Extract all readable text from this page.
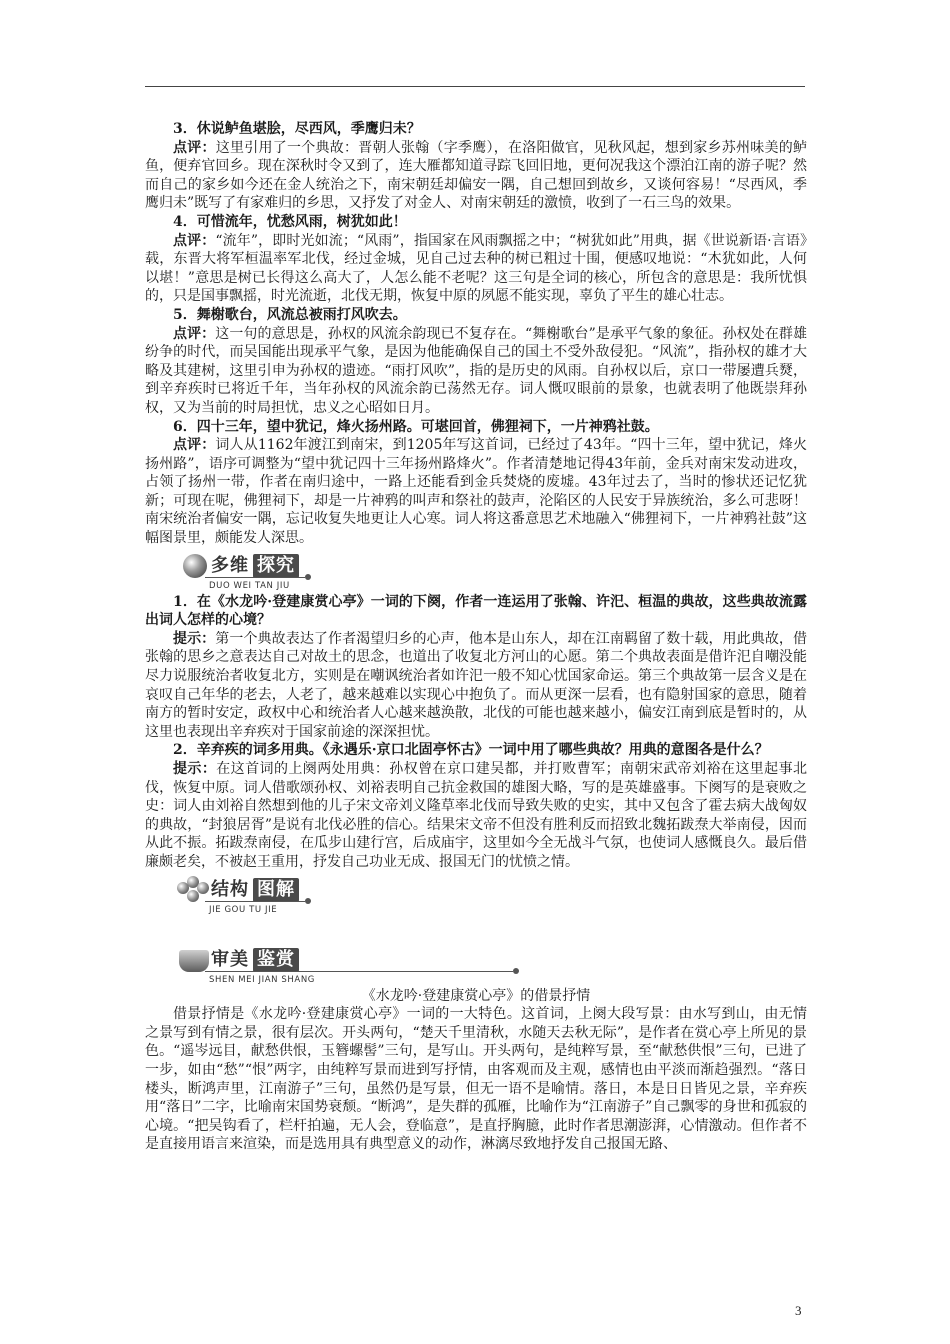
3．休说鲈鱼堪脍，尽西风，季鹰归未？

点评：这里引用了一个典故：晋朝人张翰（字季鹰），在洛阳做官，见秋风起，想到家乡苏州味美的鲈鱼，便弃官回乡。现在深秋时令又到了，连大雁都知道寻踪飞回旧地，更何况我这个漂泊江南的游子呢？然而自己的家乡如今还在金人统治之下，南宋朝廷却偏安一隅，自己想回到故乡，又谈何容易！“尽西风，季鹰归未”既写了有家难归的乡思，又抒发了对金人、对南宋朝廷的激愤，收到了一石三鸟的效果。

4．可惜流年，忧愁风雨，树犹如此！

点评：“流年”，即时光如流；“风雨”，指国家在风雨飘摇之中；“树犹如此”用典，据《世说新语·言语》载，东晋大将军桓温率军北伐，经过金城，见自己过去种的树已粗过十围，便感叹地说：“木犹如此，人何以堪！”意思是树已长得这么高大了，人怎么能不老呢？这三句是全词的核心，所包含的意思是：我所忧惧的，只是国事飘摇，时光流逝，北伐无期，恢复中原的夙愿不能实现，辜负了平生的雄心壮志。

5．舞榭歌台，风流总被雨打风吹去。

点评：这一句的意思是，孙权的风流余韵现已不复存在。“舞榭歌台”是承平气象的象征。孙权处在群雄纷争的时代，而吴国能出现承平气象，是因为他能确保自己的国土不受外敌侵犯。“风流”，指孙权的雄才大略及其建树，这里引申为孙权的遗迹。“雨打风吹”，指的是历史的风雨。自孙权以后，京口一带屡遭兵燹，到辛弃疾时已将近千年，当年孙权的风流余韵已荡然无存。词人慨叹眼前的景象，也就表明了他既崇拜孙权，又为当前的时局担忧，忠义之心昭如日月。

6．四十三年，望中犹记，烽火扬州路。可堪回首，佛狸祠下，一片神鸦社鼓。

点评：词人从1162年渡江到南宋，到1205年写这首词，已经过了43年。“四十三年，望中犹记，烽火扬州路”，语序可调整为“望中犹记四十三年扬州路烽火”。作者清楚地记得43年前，金兵对南宋发动进攻，占领了扬州一带，作者在南归途中，一路上还能看到金兵焚烧的废墟。43年过去了，当时的惨状还记忆犹新；可现在呢，佛狸祠下，却是一片神鸦的叫声和祭社的鼓声，沦陷区的人民安于异族统治，多么可悲呀！南宋统治者偏安一隅，忘记收复失地更让人心寒。词人将这番意思艺术地融入“佛狸祠下，一片神鸦社鼓”这幅图景里，颇能发人深思。

多维 探究
DUO WEI TAN JIU

1．在《水龙吟·登建康赏心亭》一词的下阕，作者一连运用了张翰、许汜、桓温的典故，这些典故流露出词人怎样的心境？

提示：第一个典故表达了作者渴望归乡的心声，他本是山东人，却在江南羁留了数十载，用此典故，借张翰的思乡之意表达自己对故土的思念，也道出了收复北方河山的心愿。第二个典故表面是借许汜自嘲没能尽力说服统治者收复北方，实则是在嘲讽统治者如许汜一般不知心忧国家命运。第三个典故第一层含义是在哀叹自己年华的老去，人老了，越来越难以实现心中抱负了。而从更深一层看，也有隐射国家的意思，随着南方的暂时安定，政权中心和统治者人心越来越涣散，北伐的可能也越来越小，偏安江南到底是暂时的，从这里也表现出辛弃疾对于国家前途的深深担忧。

2．辛弃疾的词多用典。《永遇乐·京口北固亭怀古》一词中用了哪些典故？用典的意图各是什么？

提示：在这首词的上阕两处用典：孙权曾在京口建吴都，并打败曹军；南朝宋武帝刘裕在这里起事北伐，恢复中原。词人借歌颂孙权、刘裕表明自己抗金救国的雄图大略，写的是英雄盛事。下阕写的是衰败之史：词人由刘裕自然想到他的儿子宋文帝刘义隆草率北伐而导致失败的史实，其中又包含了霍去病大战匈奴的典故，“封狼居胥”是说有北伐必胜的信心。结果宋文帝不但没有胜利反而招致北魏拓跋焘大举南侵，因而从此不振。拓跋焘南侵，在瓜步山建行宫，后成庙宇，这里如今全无战斗气氛，也使词人感慨良久。最后借廉颇老矣，不被赵王重用，抒发自己功业无成、报国无门的忧愤之情。

结构 图解
JIE GOU TU JIE
审美 鉴赏
SHEN MEI JIAN SHANG

《水龙吟·登建康赏心亭》的借景抒情

借景抒情是《水龙吟·登建康赏心亭》一词的一大特色。这首词，上阕大段写景：由水写到山，由无情之景写到有情之景，很有层次。开头两句，“楚天千里清秋，水随天去秋无际”，是作者在赏心亭上所见的景色。“遥岑远目，献愁供恨，玉簪螺髻”三句，是写山。开头两句，是纯粹写景，至“献愁供恨”三句，已进了一步，如由“愁”“恨”两字，由纯粹写景而进到写抒情，由客观而及主观，感情也由平淡而渐趋强烈。“落日楼头，断鸿声里，江南游子”三句，虽然仍是写景，但无一语不是喻情。落日，本是日日皆见之景，辛弃疾用“落日”二字，比喻南宋国势衰颓。“断鸿”，是失群的孤雁，比喻作为“江南游子”自己飘零的身世和孤寂的心境。“把吴钩看了，栏杆拍遍，无人会，登临意”，是直抒胸臆，此时作者思潮澎湃，心情激动。但作者不是直接用语言来渲染，而是选用具有典型意义的动作，淋漓尽致地抒发自己报国无路、

3
